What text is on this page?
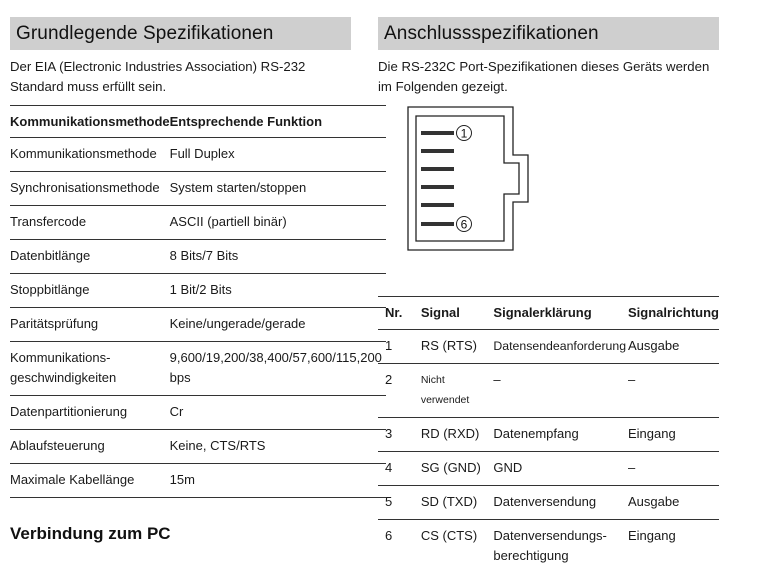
Grundlegende Spezifikationen
Der EIA (Electronic Industries Association) RS-232 Standard muss erfüllt sein.
Kommunikationsmethode	Entsprechende Funktion
Kommunikationsmethode	Full Duplex
Synchronisationsmethode	System starten/stoppen
Transfercode	ASCII (partiell binär)
Datenbitlänge	8 Bits/7 Bits
Stoppbitlänge	1 Bit/2 Bits
Paritätsprüfung	Keine/ungerade/gerade
Kommunikations-geschwindigkeiten	9,600/19,200/38,400/57,600/115,200 bps
Datenpartitionierung	Cr
Ablaufsteuerung	Keine, CTS/RTS
Maximale Kabellänge	15m
Verbindung zum PC
Anschlussspezifikationen
Die RS-232C Port-Spezifikationen dieses Geräts werden im Folgenden gezeigt.
1
6
Nr.	Signal	Signalerklärung	Signalrichtung
1	RS (RTS)	Datensendeanforderung	Ausgabe
2	Nicht verwendet	–	–
3	RD (RXD)	Datenempfang	Eingang
4	SG (GND)	GND	–
5	SD (TXD)	Datenversendung	Ausgabe
6	CS (CTS)	Datenversendungs-berechtigung	Eingang
